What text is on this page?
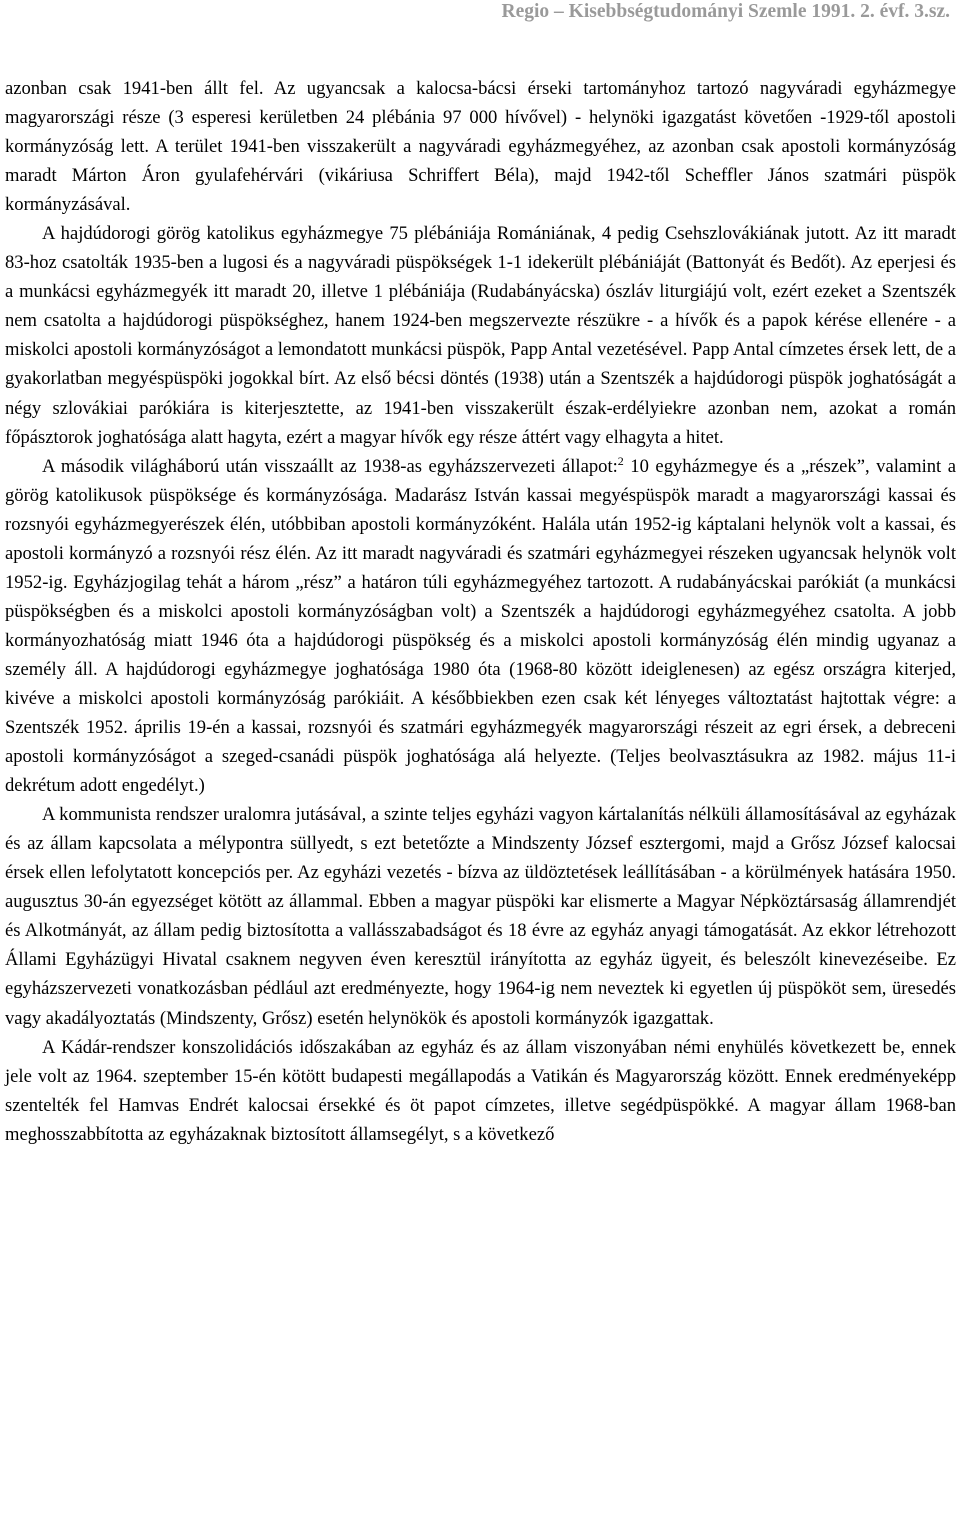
Regio – Kisebbségtudományi Szemle 1991. 2. évf. 3.sz.

azonban csak 1941-ben állt fel. Az ugyancsak a kalocsa-bácsi érseki tartományhoz tartozó nagyváradi egyházmegye magyarországi része (3 esperesi kerületben 24 plébánia 97 000 hívővel) - helynöki igazgatást követően -1929-től apostoli kormányzóság lett. A terület 1941-ben visszakerült a nagyváradi egyházmegyéhez, az azonban csak apostoli kormányzóság maradt Márton Áron gyulafehérvári (vikáriusa Schriffert Béla), majd 1942-től Scheffler János szatmári püspök kormányzásával.

A hajdúdorogi görög katolikus egyházmegye 75 plébániája Romániának, 4 pedig Csehszlovákiának jutott. Az itt maradt 83-hoz csatolták 1935-ben a lugosi és a nagyváradi püspökségek 1-1 idekerült plébániáját (Battonyát és Bedőt). Az eperjesi és a munkácsi egyházmegyék itt maradt 20, illetve 1 plébániája (Rudabányácska) ószláv liturgiájú volt, ezért ezeket a Szentszék nem csatolta a hajdúdorogi püspökséghez, hanem 1924-ben megszervezte részükre - a hívők és a papok kérése ellenére - a miskolci apostoli kormányzóságot a lemondatott munkácsi püspök, Papp Antal vezetésével. Papp Antal címzetes érsek lett, de a gyakorlatban megyéspüspöki jogokkal bírt. Az első bécsi döntés (1938) után a Szentszék a hajdúdorogi püspök joghatóságát a négy szlovákiai parókiára is kiterjesztette, az 1941-ben visszakerült észak-erdélyiekre azonban nem, azokat a román főpásztorok joghatósága alatt hagyta, ezért a magyar hívők egy része áttért vagy elhagyta a hitet.

A második világháború után visszaállt az 1938-as egyházszervezeti állapot:$^2$ 10 egyházmegye és a „részek”, valamint a görög katolikusok püspöksége és kormányzósága. Madarász István kassai megyéspüspök maradt a magyarországi kassai és rozsnyói egyházmegyerészek élén, utóbbiban apostoli kormányzóként. Halála után 1952-ig káptalani helynök volt a kassai, és apostoli kormányzó a rozsnyói rész élén. Az itt maradt nagyváradi és szatmári egyházmegyei részeken ugyancsak helynök volt 1952-ig. Egyházjogilag tehát a három „rész” a határon túli egyházmegyéhez tartozott. A rudabányácskai parókiát (a munkácsi püspökségben és a miskolci apostoli kormányzóságban volt) a Szentszék a hajdúdorogi egyházmegyéhez csatolta. A jobb kormányozhatóság miatt 1946 óta a hajdúdorogi püspökség és a miskolci apostoli kormányzóság élén mindig ugyanaz a személy áll. A hajdúdorogi egyházmegye joghatósága 1980 óta (1968-80 között ideiglenesen) az egész országra kiterjed, kivéve a miskolci apostoli kormányzóság parókiáit. A későbbiekben ezen csak két lényeges változtatást hajtottak végre: a Szentszék 1952. április 19-én a kassai, rozsnyói és szatmári egyházmegyék magyarországi részeit az egri érsek, a debreceni apostoli kormányzóságot a szeged-csanádi püspök joghatósága alá helyezte. (Teljes beolvasztásukra az 1982. május 11-i dekrétum adott engedélyt.)

A kommunista rendszer uralomra jutásával, a szinte teljes egyházi vagyon kártalanítás nélküli államosításával az egyházak és az állam kapcsolata a mélypontra süllyedt, s ezt betetőzte a Mindszenty József esztergomi, majd a Grősz József kalocsai érsek ellen lefolytatott koncepciós per. Az egyházi vezetés - bízva az üldöztetések leállításában - a körülmények hatására 1950. augusztus 30-án egyezséget kötött az állammal. Ebben a magyar püspöki kar elismerte a Magyar Népköztársaság államrendjét és Alkotmányát, az állam pedig biztosította a vallásszabadságot és 18 évre az egyház anyagi támogatását. Az ekkor létrehozott Állami Egyházügyi Hivatal csaknem negyven éven keresztül irányította az egyház ügyeit, és beleszólt kinevezéseibe. Ez egyházszervezeti vonatkozásban pédlául azt eredményezte, hogy 1964-ig nem neveztek ki egyetlen új püspököt sem, üresedés vagy akadályoztatás (Mindszenty, Grősz) esetén helynökök és apostoli kormányzók igazgattak.

A Kádár-rendszer konszolidációs időszakában az egyház és az állam viszonyában némi enyhülés következett be, ennek jele volt az 1964. szeptember 15-én kötött budapesti megállapodás a Vatikán és Magyarország között. Ennek eredményeképp szentelték fel Hamvas Endrét kalocsai érsekké és öt papot címzetes, illetve segédpüspökké. A magyar állam 1968-ban meghosszabbította az egyházaknak biztosított államsegélyt, s a következő
